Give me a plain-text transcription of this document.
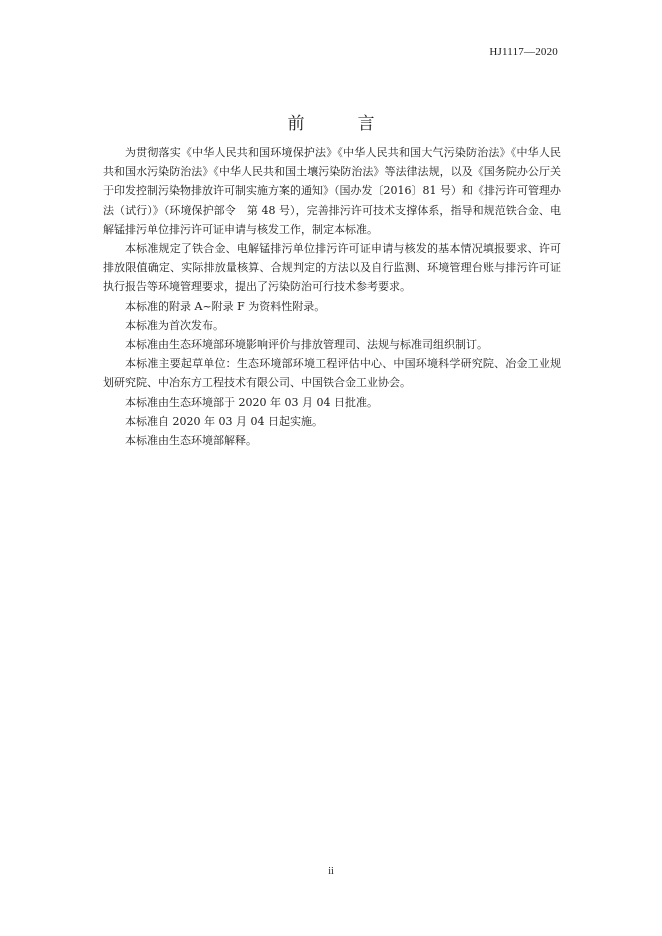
HJ1117—2020
前　言

为贯彻落实《中华人民共和国环境保护法》《中华人民共和国大气污染防治法》《中华人民共和国水污染防治法》《中华人民共和国土壤污染防治法》等法律法规，以及《国务院办公厅关于印发控制污染物排放许可制实施方案的通知》（国办发〔2016〕81 号）和《排污许可管理办法（试行）》（环境保护部令　第 48 号），完善排污许可技术支撑体系，指导和规范铁合金、电解锰排污单位排污许可证申请与核发工作，制定本标准。

本标准规定了铁合金、电解锰排污单位排污许可证申请与核发的基本情况填报要求、许可排放限值确定、实际排放量核算、合规判定的方法以及自行监测、环境管理台账与排污许可证执行报告等环境管理要求，提出了污染防治可行技术参考要求。

本标准的附录 A~附录 F 为资料性附录。

本标准为首次发布。

本标准由生态环境部环境影响评价与排放管理司、法规与标准司组织制订。

本标准主要起草单位：生态环境部环境工程评估中心、中国环境科学研究院、冶金工业规划研究院、中冶东方工程技术有限公司、中国铁合金工业协会。

本标准由生态环境部于 2020 年 03 月 04 日批准。

本标准自 2020 年 03 月 04 日起实施。

本标准由生态环境部解释。

ii
